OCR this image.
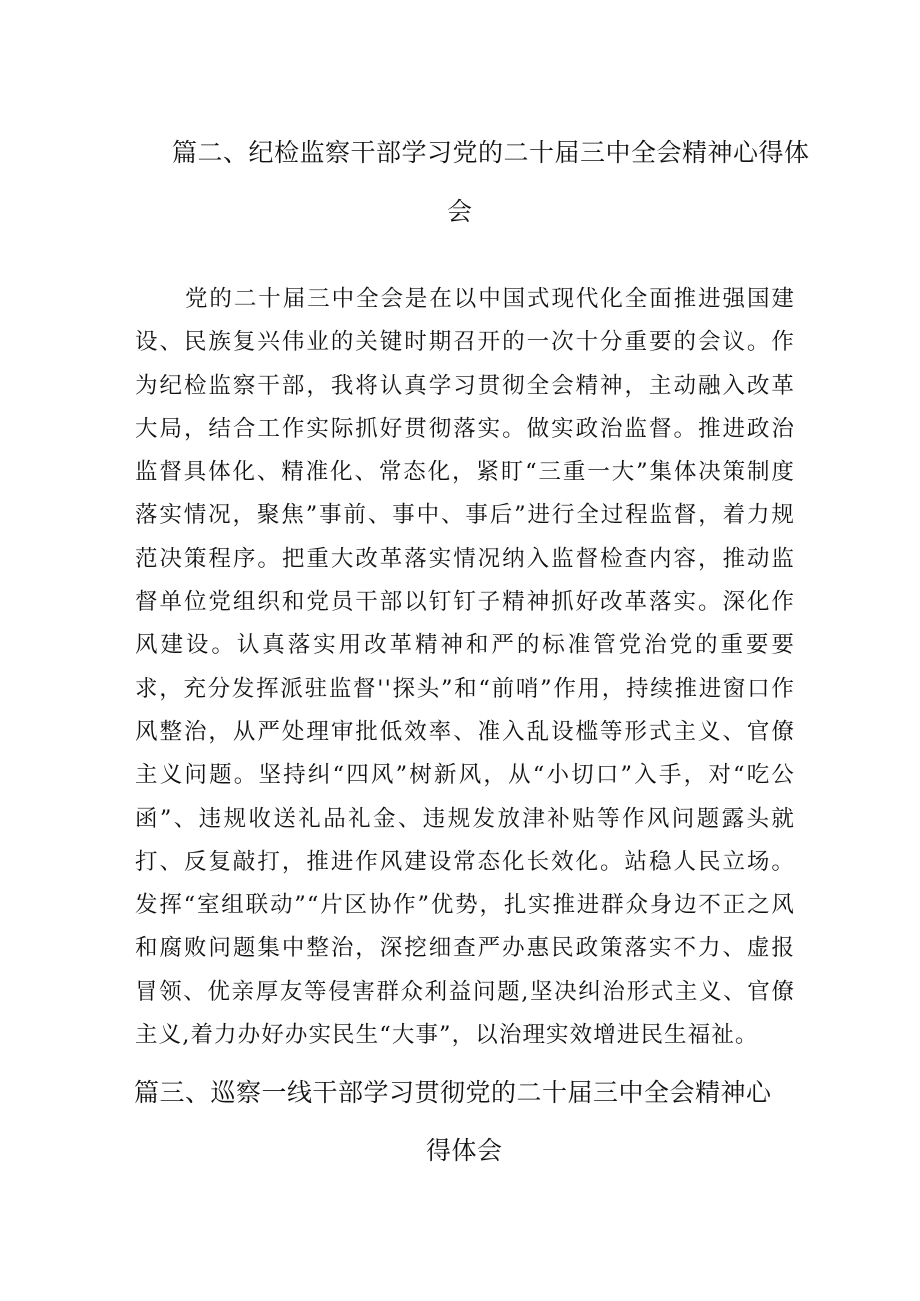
篇二、纪检监察干部学习党的二十届三中全会精神心得体
会

党的二十届三中全会是在以中国式现代化全面推进强国建设、民族复兴伟业的关键时期召开的一次十分重要的会议。作为纪检监察干部，我将认真学习贯彻全会精神，主动融入改革大局，结合工作实际抓好贯彻落实。做实政治监督。推进政治监督具体化、精准化、常态化，紧盯“三重一大”集体决策制度落实情况，聚焦”事前、事中、事后”进行全过程监督，着力规范决策程序。把重大改革落实情况纳入监督检查内容，推动监督单位党组织和党员干部以钉钉子精神抓好改革落实。深化作风建设。认真落实用改革精神和严的标准管党治党的重要要求，充分发挥派驻监督''探头”和“前哨”作用，持续推进窗口作风整治，从严处理审批低效率、准入乱设槛等形式主义、官僚主义问题。坚持纠“四风”树新风，从“小切口”入手，对“吃公函”、违规收送礼品礼金、违规发放津补贴等作风问题露头就打、反复敲打，推进作风建设常态化长效化。站稳人民立场。发挥“室组联动”“片区协作”优势，扎实推进群众身边不正之风和腐败问题集中整治，深挖细查严办惠民政策落实不力、虚报冒领、优亲厚友等侵害群众利益问题,坚决纠治形式主义、官僚主义,着力办好办实民生“大事”，以治理实效增进民生福祉。

篇三、巡察一线干部学习贯彻党的二十届三中全会精神心
得体会
